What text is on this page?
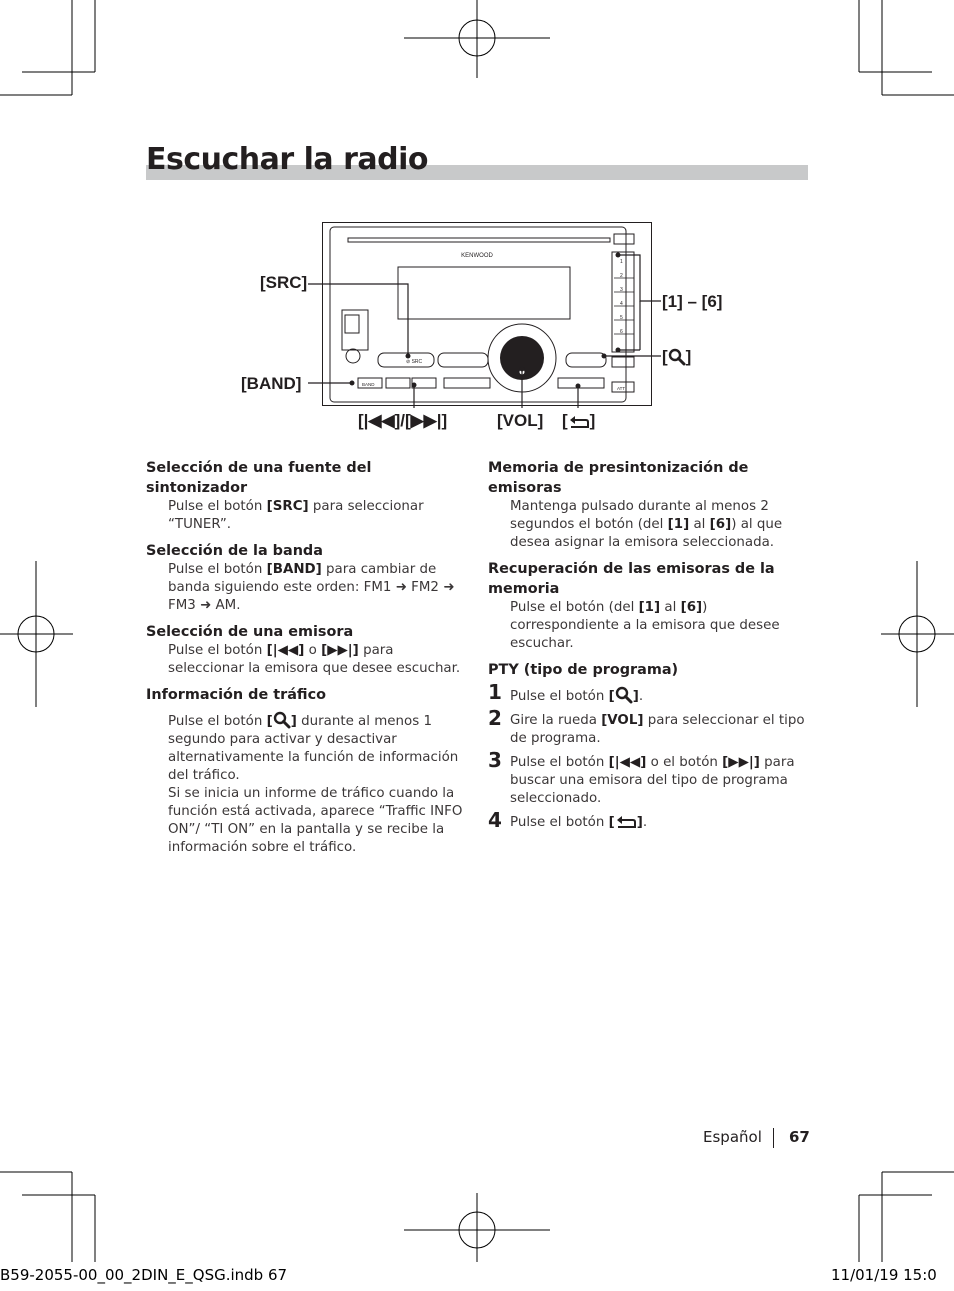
Escuchar la radio
KENWOOD
⊘ SRC
BAND
ATT
1
2
3
4
5
6
[SRC]
[BAND]
[1] – [6]
[ ]
[|◀◀]/[▶▶|]	[VOL] [ ]

Selección de una fuente del sintonizador

Pulse el botón [SRC] para seleccionar “TUNER”.

Selección de la banda

Pulse el botón [BAND] para cambiar de banda siguiendo este orden: FM1 ➜ FM2 ➜ FM3 ➜ AM.

Selección de una emisora

Pulse el botón [|◀◀] o [▶▶|] para seleccionar la emisora que desee escuchar.

Información de tráfico

Pulse el botón [ ] durante al menos 1 segundo para activar y desactivar alternativamente la función de información del tráfico.

Si se inicia un informe de tráfico cuando la función está activada, aparece “Traffic INFO ON”/ “TI ON” en la pantalla y se recibe la información sobre el tráfico.

Memoria de presintonización de emisoras

Mantenga pulsado durante al menos 2 segundos el botón (del [1] al [6]) al que desea asignar la emisora seleccionada.

Recuperación de las emisoras de la memoria

Pulse el botón (del [1] al [6]) correspondiente a la emisora que desee escuchar.

PTY (tipo de programa)

1 Pulse el botón [ ].

2 Gire la rueda [VOL] para seleccionar el tipo de programa.

3 Pulse el botón [|◀◀] o el botón [▶▶|] para buscar una emisora del tipo de programa seleccionado.

4 Pulse el botón [ ].

Español 67
B59-2055-00_00_2DIN_E_QSG.indb 67	11/01/19 15:0
